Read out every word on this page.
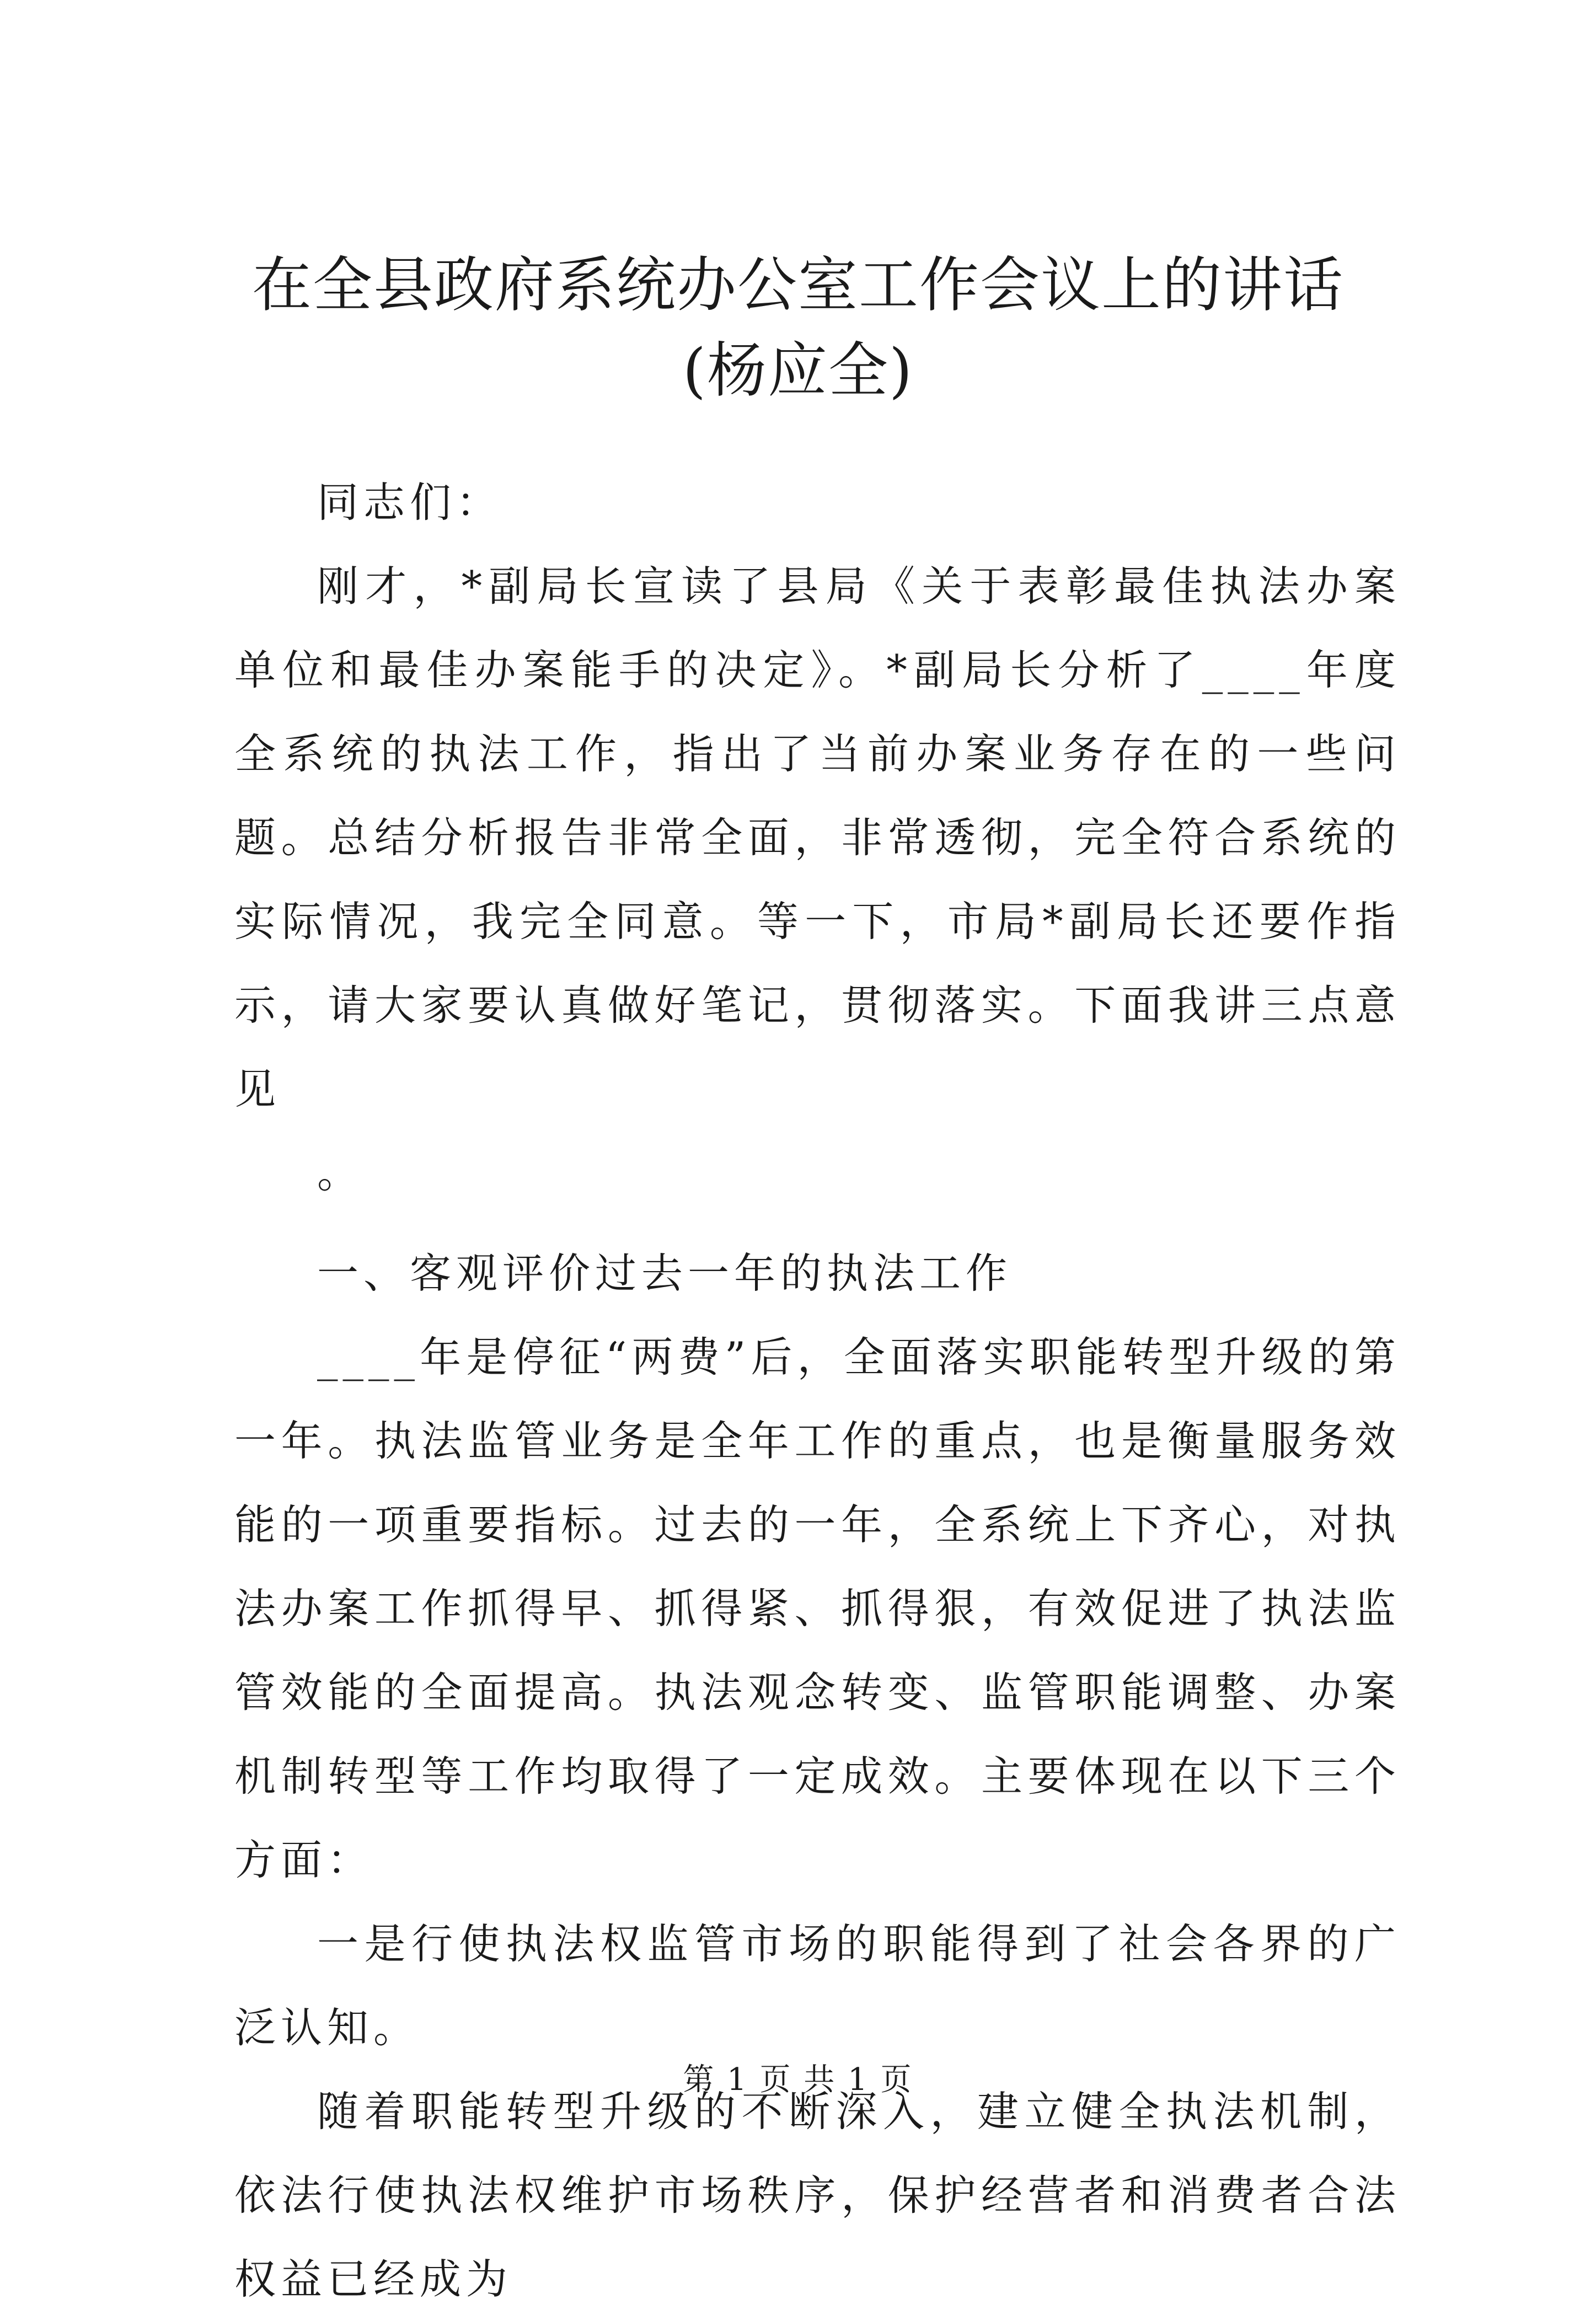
在全县政府系统办公室工作会议上的讲话(杨应全)

同志们：

刚才，*副局长宣读了县局《关于表彰最佳执法办案单位和最佳办案能手的决定》。*副局长分析了____年度全系统的执法工作，指出了当前办案业务存在的一些问题。总结分析报告非常全面，非常透彻，完全符合系统的实际情况，我完全同意。等一下，市局*副局长还要作指示，请大家要认真做好笔记，贯彻落实。下面我讲三点意见

。

一、客观评价过去一年的执法工作

____年是停征“两费”后，全面落实职能转型升级的第一年。执法监管业务是全年工作的重点，也是衡量服务效能的一项重要指标。过去的一年，全系统上下齐心，对执法办案工作抓得早、抓得紧、抓得狠，有效促进了执法监管效能的全面提高。执法观念转变、监管职能调整、办案机制转型等工作均取得了一定成效。主要体现在以下三个方面：

一是行使执法权监管市场的职能得到了社会各界的广泛认知。

随着职能转型升级的不断深入，建立健全执法机制，依法行使执法权维护市场秩序，保护经营者和消费者合法权益已经成为

第 1 页 共 1 页
